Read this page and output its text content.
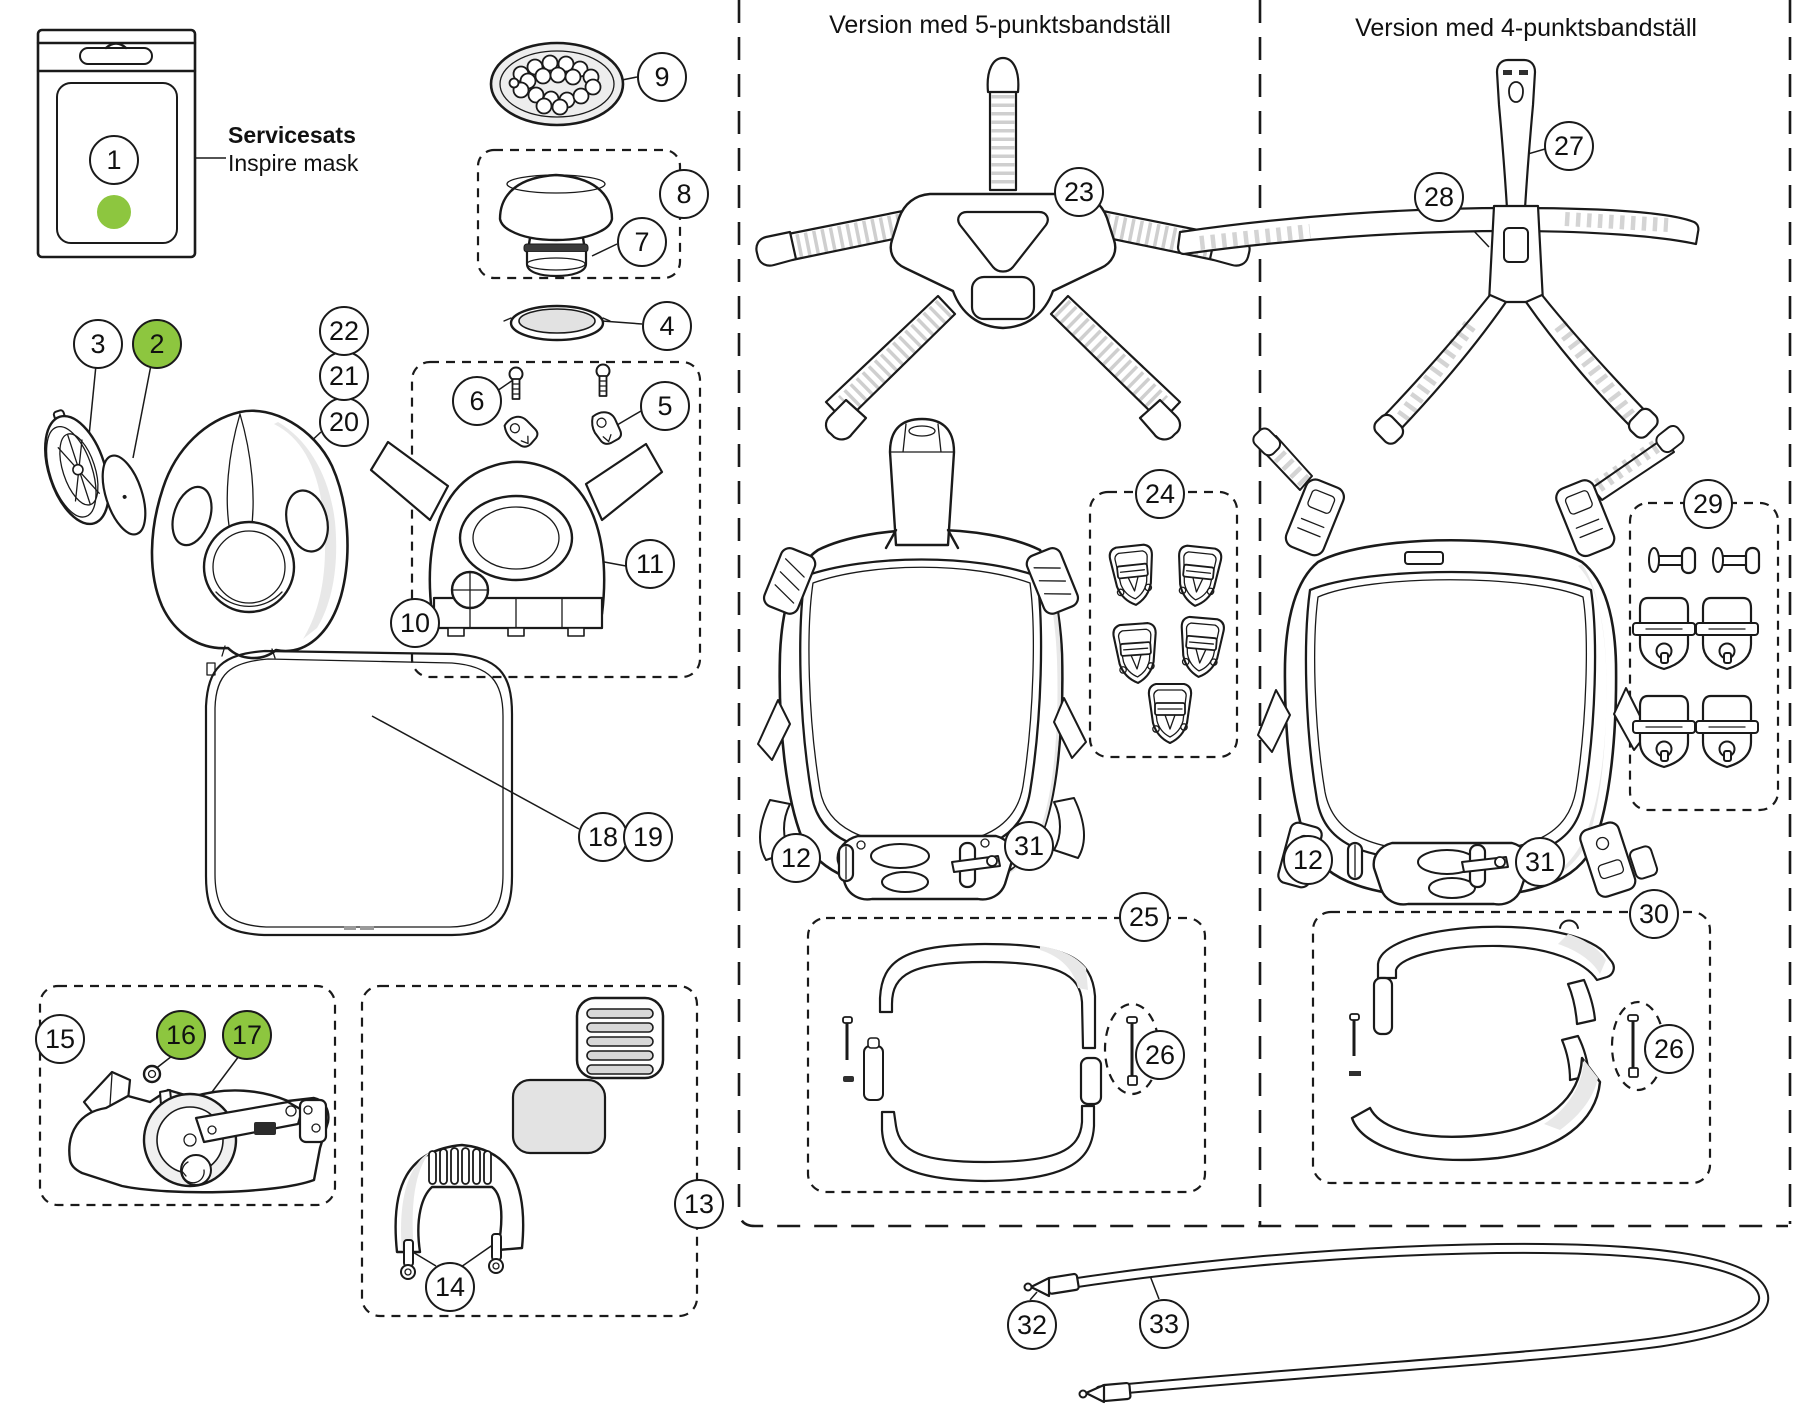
Servicesats
Inspire mask
Version med 5-punktsbandställ	Version med 4-punktsbandställ
1
2
3
4
5
6
7
8
9
10
11
12
13
14
15	16	17
18 19
20
21
22
23
24
25
26
27
28
29
30
31
32	33
12	31
26
